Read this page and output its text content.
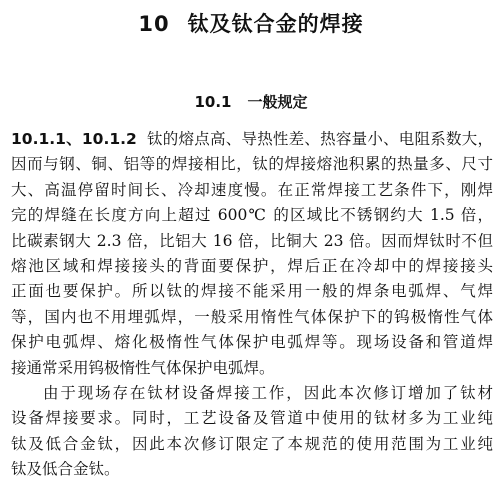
10 钛及钛合金的焊接
10.1 一般规定
10.1.1、10.1.2 钛的熔点高、导热性差、热容量小、电阻系数大，
因而与钢、铜、铝等的焊接相比，钛的焊接熔池积累的热量多、尺寸
大、高温停留时间长、冷却速度慢。在正常焊接工艺条件下，刚焊
完的焊缝在长度方向上超过 600℃ 的区域比不锈钢约大 1.5 倍，
比碳素钢大 2.3 倍，比铝大 16 倍，比铜大 23 倍。因而焊钛时不但
熔池区域和焊接接头的背面要保护，焊后正在冷却中的焊接接头
正面也要保护。所以钛的焊接不能采用一般的焊条电弧焊、气焊
等，国内也不用埋弧焊，一般采用惰性气体保护下的钨极惰性气体
保护电弧焊、熔化极惰性气体保护电弧焊等。现场设备和管道焊
接通常采用钨极惰性气体保护电弧焊。
由于现场存在钛材设备焊接工作，因此本次修订增加了钛材
设备焊接要求。同时，工艺设备及管道中使用的钛材多为工业纯
钛及低合金钛，因此本次修订限定了本规范的使用范围为工业纯
钛及低合金钛。
